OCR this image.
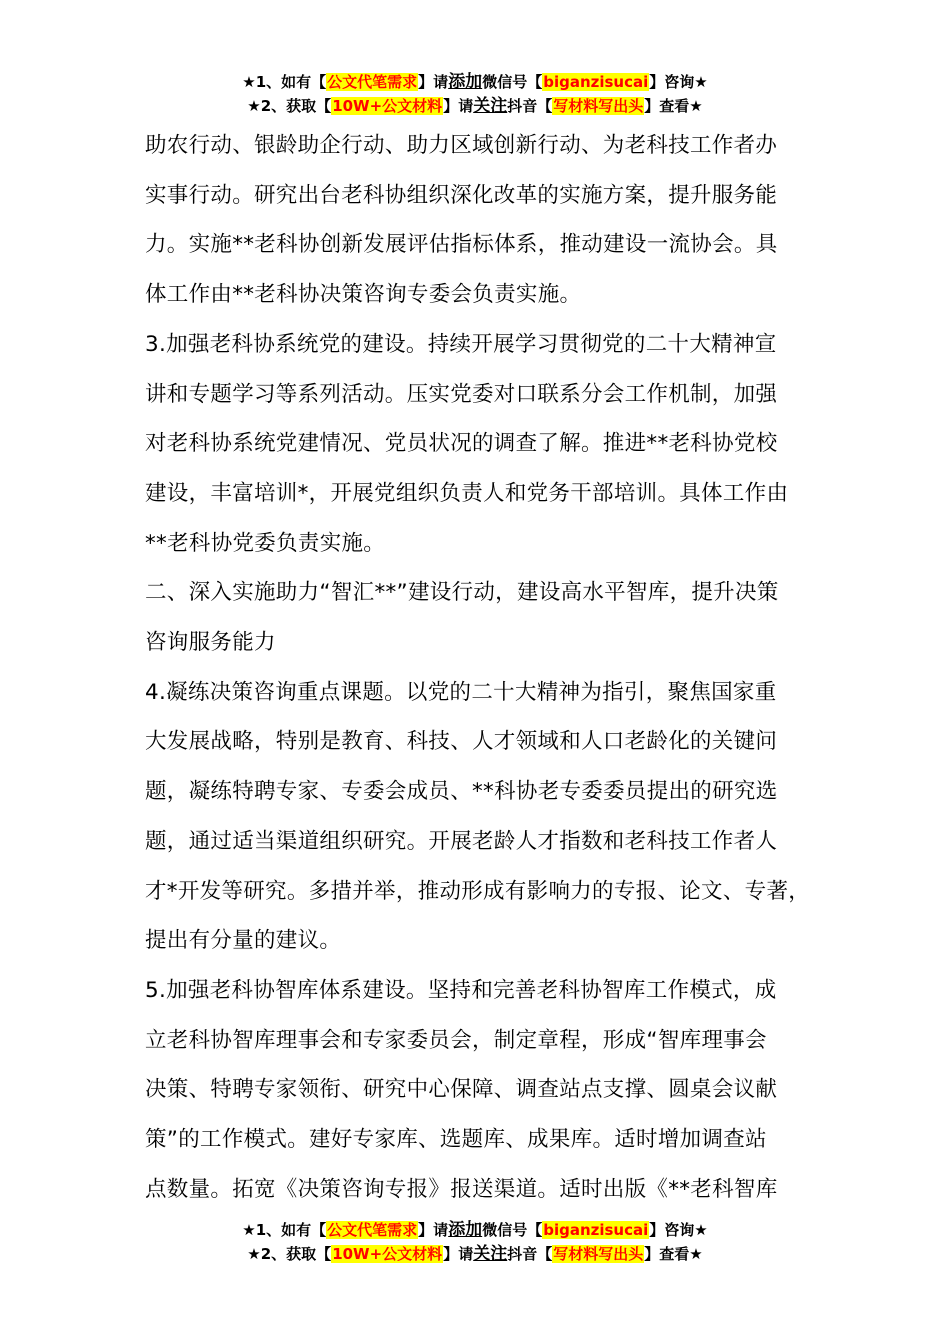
★1、如有【公文代笔需求】请添加微信号【biganzisucai】咨询★
★2、获取【10W+公文材料】请关注抖音【写材料写出头】查看★
助农行动、银龄助企行动、助力区域创新行动、为老科技工作者办
实事行动。研究出台老科协组织深化改革的实施方案，提升服务能
力。实施**老科协创新发展评估指标体系，推动建设一流协会。具
体工作由**老科协决策咨询专委会负责实施。
3.加强老科协系统党的建设。持续开展学习贯彻党的二十大精神宣
讲和专题学习等系列活动。压实党委对口联系分会工作机制，加强
对老科协系统党建情况、党员状况的调查了解。推进**老科协党校
建设，丰富培训*，开展党组织负责人和党务干部培训。具体工作由
**老科协党委负责实施。
二、深入实施助力“智汇**”建设行动，建设高水平智库，提升决策
咨询服务能力
4.凝练决策咨询重点课题。以党的二十大精神为指引，聚焦国家重
大发展战略，特别是教育、科技、人才领域和人口老龄化的关键问
题，凝练特聘专家、专委会成员、**科协老专委委员提出的研究选
题，通过适当渠道组织研究。开展老龄人才指数和老科技工作者人
才*开发等研究。多措并举，推动形成有影响力的专报、论文、专著，
提出有分量的建议。
5.加强老科协智库体系建设。坚持和完善老科协智库工作模式，成
立老科协智库理事会和专家委员会，制定章程，形成“智库理事会
决策、特聘专家领衔、研究中心保障、调查站点支撑、圆桌会议献
策”的工作模式。建好专家库、选题库、成果库。适时增加调查站
点数量。拓宽《决策咨询专报》报送渠道。适时出版《**老科智库
★1、如有【公文代笔需求】请添加微信号【biganzisucai】咨询★
★2、获取【10W+公文材料】请关注抖音【写材料写出头】查看★
